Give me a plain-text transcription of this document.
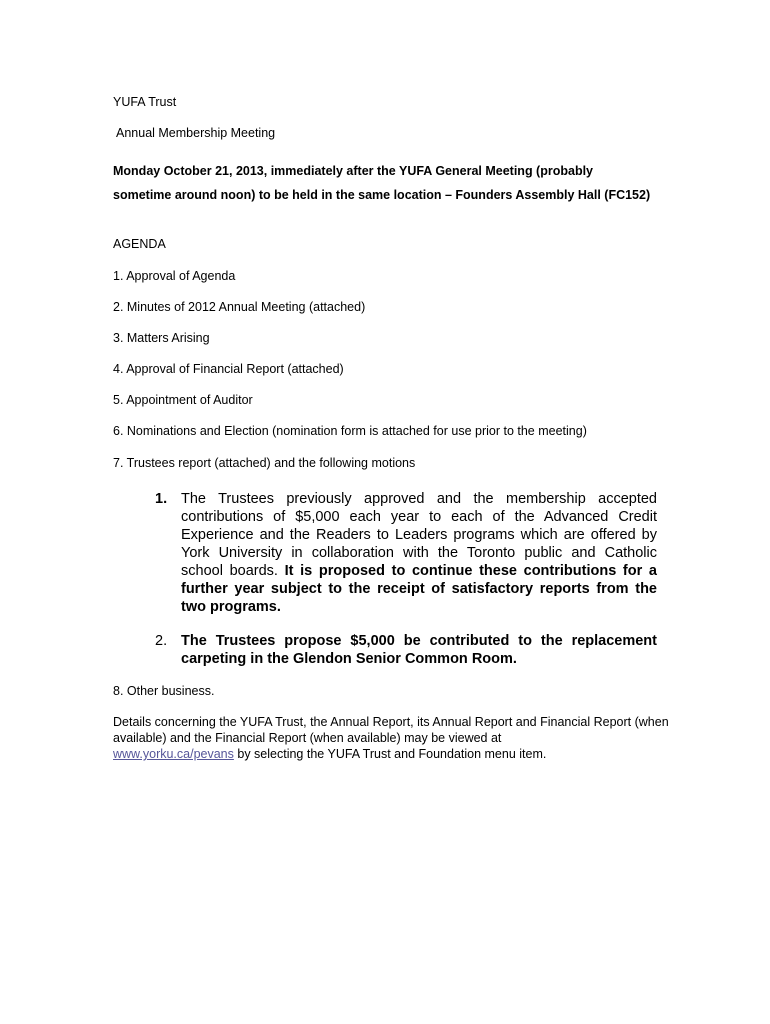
YUFA Trust
Annual Membership Meeting
Monday October 21, 2013, immediately after the YUFA General Meeting (probably
sometime around noon) to be held in the same location – Founders Assembly Hall (FC152)
AGENDA
1. Approval of Agenda
2. Minutes of 2012 Annual Meeting (attached)
3. Matters Arising
4. Approval of Financial Report (attached)
5. Appointment of Auditor
6. Nominations and Election (nomination form is attached for use prior to the meeting)
7. Trustees report (attached) and the following motions
1. The Trustees previously approved and the membership accepted contributions of $5,000 each year to each of the Advanced Credit Experience and the Readers to Leaders programs which are offered by York University in collaboration with the Toronto public and Catholic school boards. It is proposed to continue these contributions for a further year subject to the receipt of satisfactory reports from the two programs.
2. The Trustees propose $5,000 be contributed to the replacement carpeting in the Glendon Senior Common Room.
8. Other business.
Details concerning the YUFA Trust, the Annual Report, its Annual Report and Financial Report (when available) and the Financial Report (when available) may be viewed at
www.yorku.ca/pevans by selecting the YUFA Trust and Foundation menu item.
